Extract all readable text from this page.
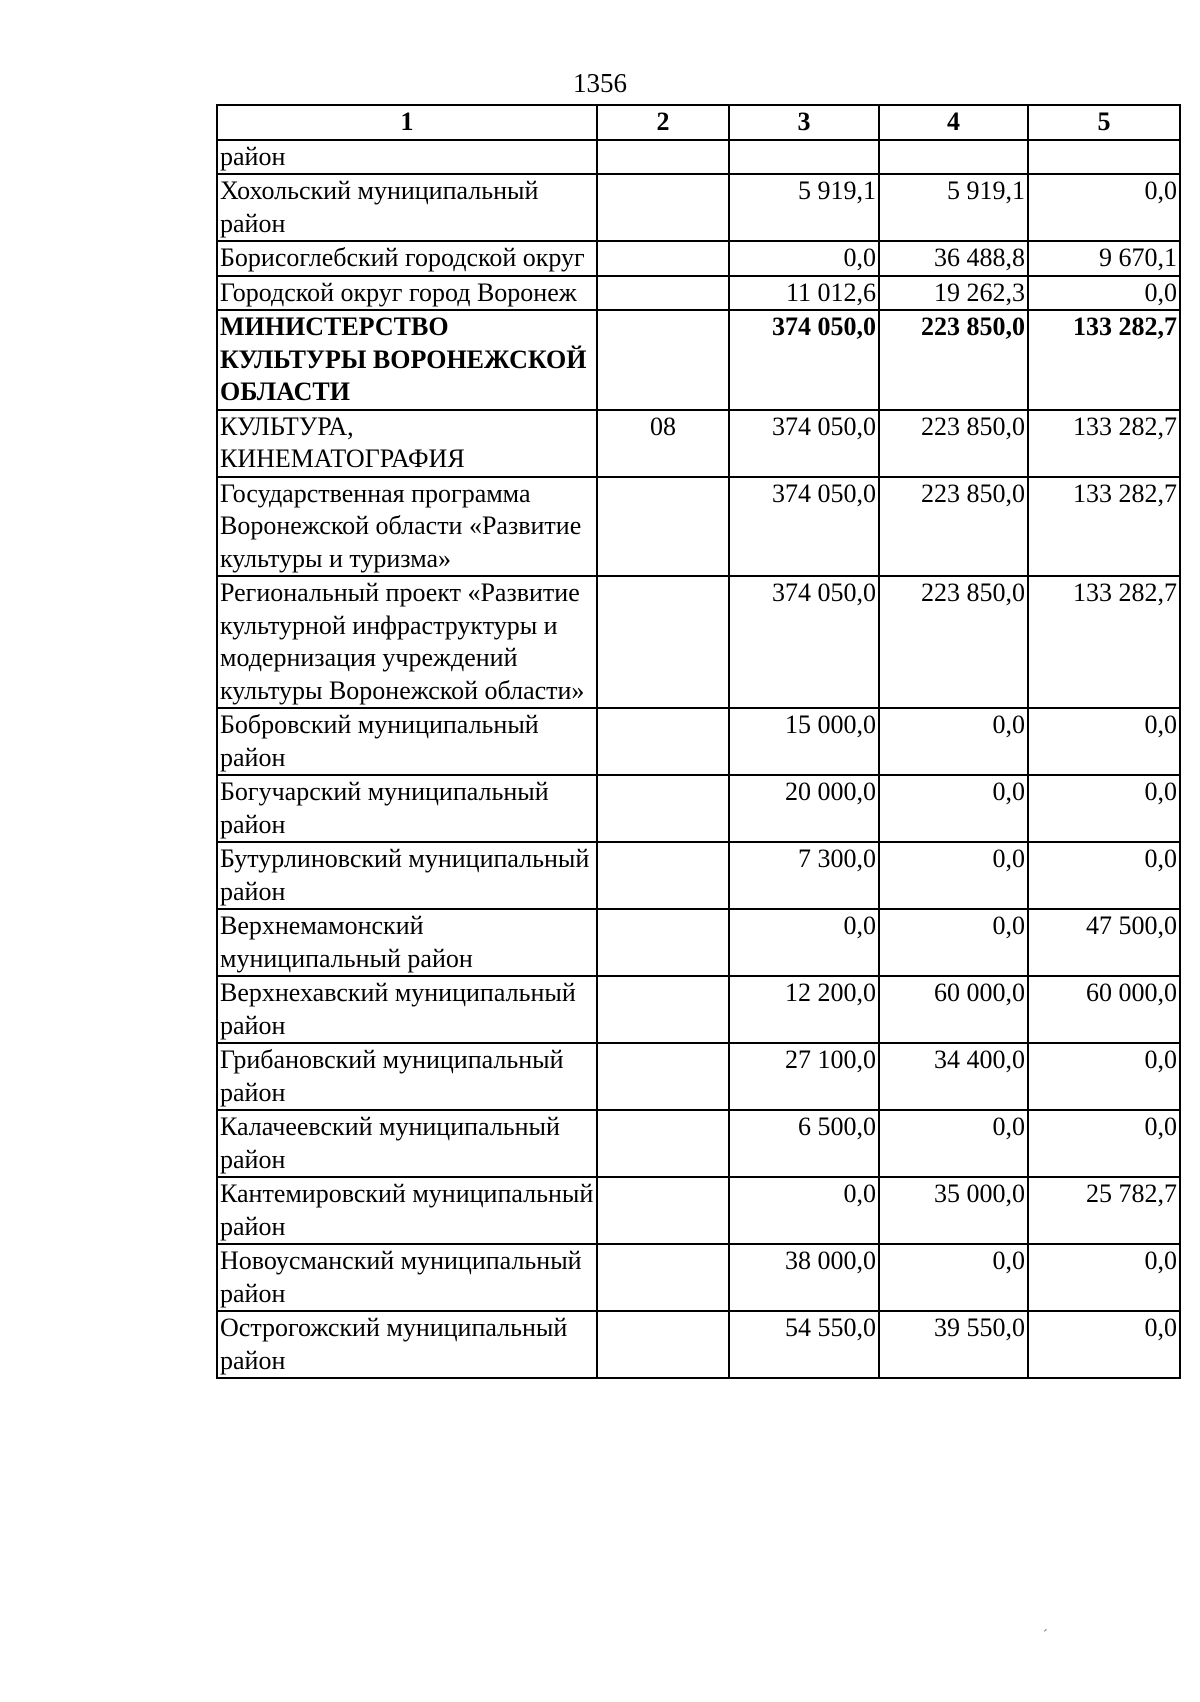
1356
1	2	3	4	5
район				
Хохольский муниципальный район		5 919,1	5 919,1	0,0
Борисоглебский городской округ		0,0	36 488,8	9 670,1
Городской округ город Воронеж		11 012,6	19 262,3	0,0
МИНИСТЕРСТВО КУЛЬТУРЫ ВОРОНЕЖСКОЙ ОБЛАСТИ		374 050,0	223 850,0	133 282,7
КУЛЬТУРА, КИНЕМАТОГРАФИЯ	08	374 050,0	223 850,0	133 282,7
Государственная программа Воронежской области «Развитие культуры и туризма»		374 050,0	223 850,0	133 282,7
Региональный проект «Развитие культурной инфраструктуры и модернизация учреждений культуры Воронежской области»		374 050,0	223 850,0	133 282,7
Бобровский муниципальный район		15 000,0	0,0	0,0
Богучарский муниципальный район		20 000,0	0,0	0,0
Бутурлиновский муниципальный район		7 300,0	0,0	0,0
Верхнемамонский муниципальный район		0,0	0,0	47 500,0
Верхнехавский муниципальный район		12 200,0	60 000,0	60 000,0
Грибановский муниципальный район		27 100,0	34 400,0	0,0
Калачеевский муниципальный район		6 500,0	0,0	0,0
Кантемировский муниципальный район		0,0	35 000,0	25 782,7
Новоусманский муниципальный район		38 000,0	0,0	0,0
Острогожский муниципальный район		54 550,0	39 550,0	0,0
ˊ
